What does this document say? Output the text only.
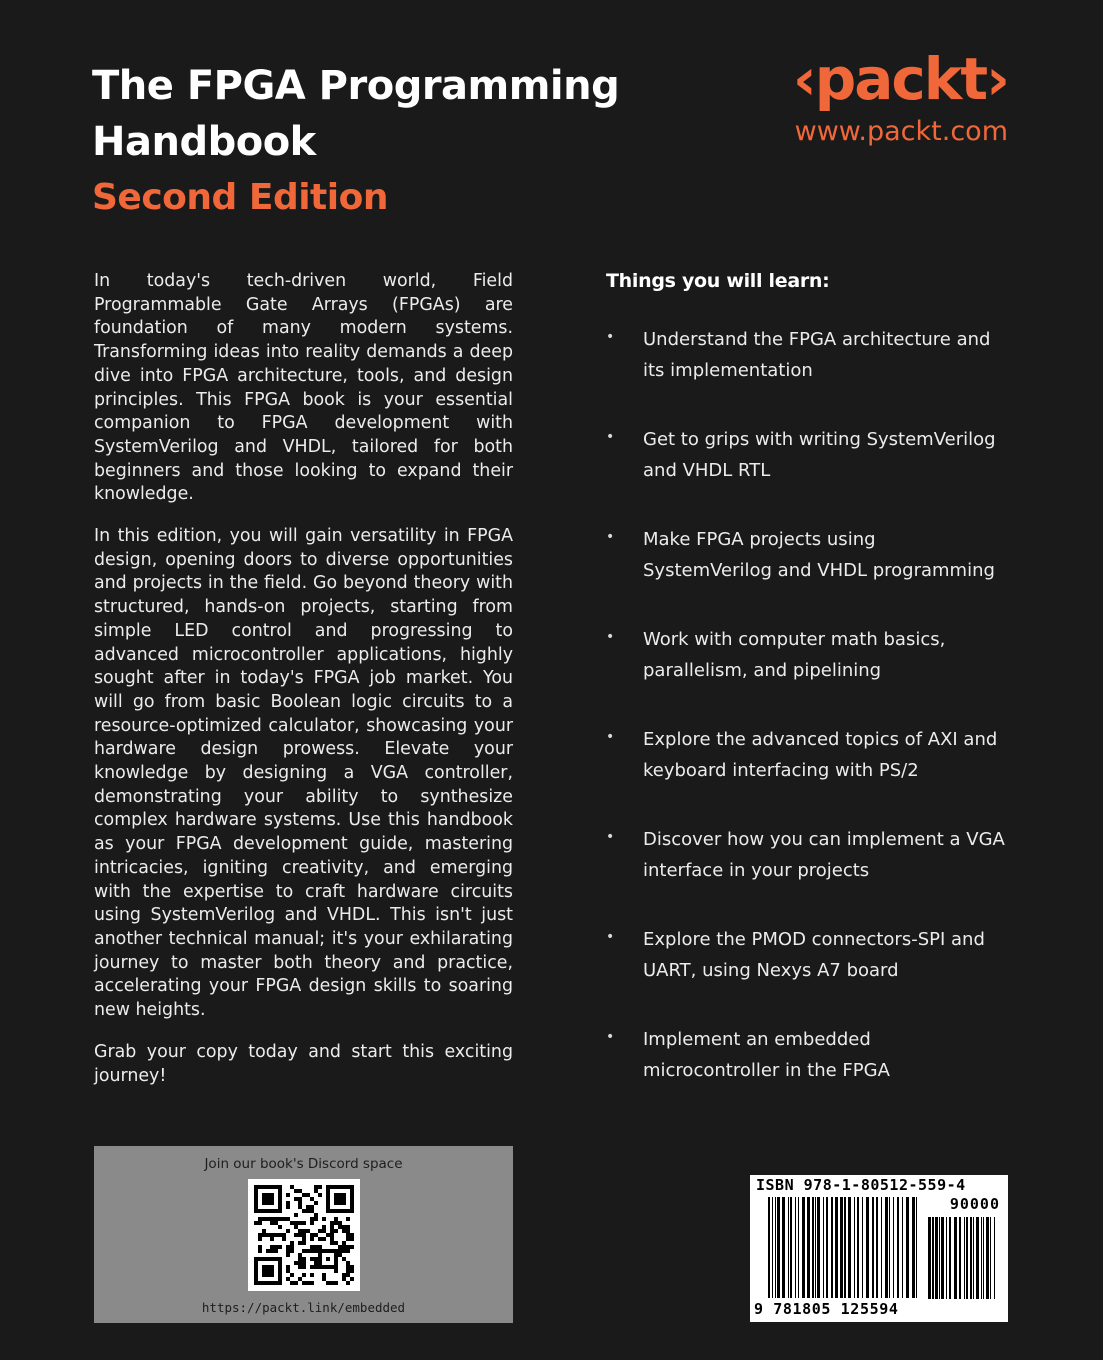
The FPGA Programming
Handbook
Second Edition
‹packt›
www.packt.com

In today's tech-driven world, Field Programmable Gate Arrays (FPGAs) are foundation of many modern systems. Transforming ideas into reality demands a deep dive into FPGA architecture, tools, and design principles. This FPGA book is your essential companion to FPGA development with SystemVerilog and VHDL, tailored for both beginners and those looking to expand their knowledge.

In this edition, you will gain versatility in FPGA design, opening doors to diverse opportunities and projects in the field. Go beyond theory with structured, hands-on projects, starting from simple LED control and progressing to advanced microcontroller applications, highly sought after in today's FPGA job market. You will go from basic Boolean logic circuits to a resource-optimized calculator, showcasing your hardware design prowess. Elevate your knowledge by designing a VGA controller, demonstrating your ability to synthesize complex hardware systems. Use this handbook as your FPGA development guide, mastering intricacies, igniting creativity, and emerging with the expertise to craft hardware circuits using SystemVerilog and VHDL. This isn't just another technical manual; it's your exhilarating journey to master both theory and practice, accelerating your FPGA design skills to soaring new heights.

Grab your copy today and start this exciting journey!

Things you will learn:
• Understand the FPGA architecture and
its implementation
• Get to grips with writing SystemVerilog
and VHDL RTL
• Make FPGA projects using
SystemVerilog and VHDL programming
• Work with computer math basics,
parallelism, and pipelining
• Explore the advanced topics of AXI and
keyboard interfacing with PS/2
• Discover how you can implement a VGA
interface in your projects
• Explore the PMOD connectors-SPI and
UART, using Nexys A7 board
• Implement an embedded
microcontroller in the FPGA
Join our book's Discord space
https://packt.link/embedded
ISBN 978-1-80512-559-4
90000
9 781805 125594
